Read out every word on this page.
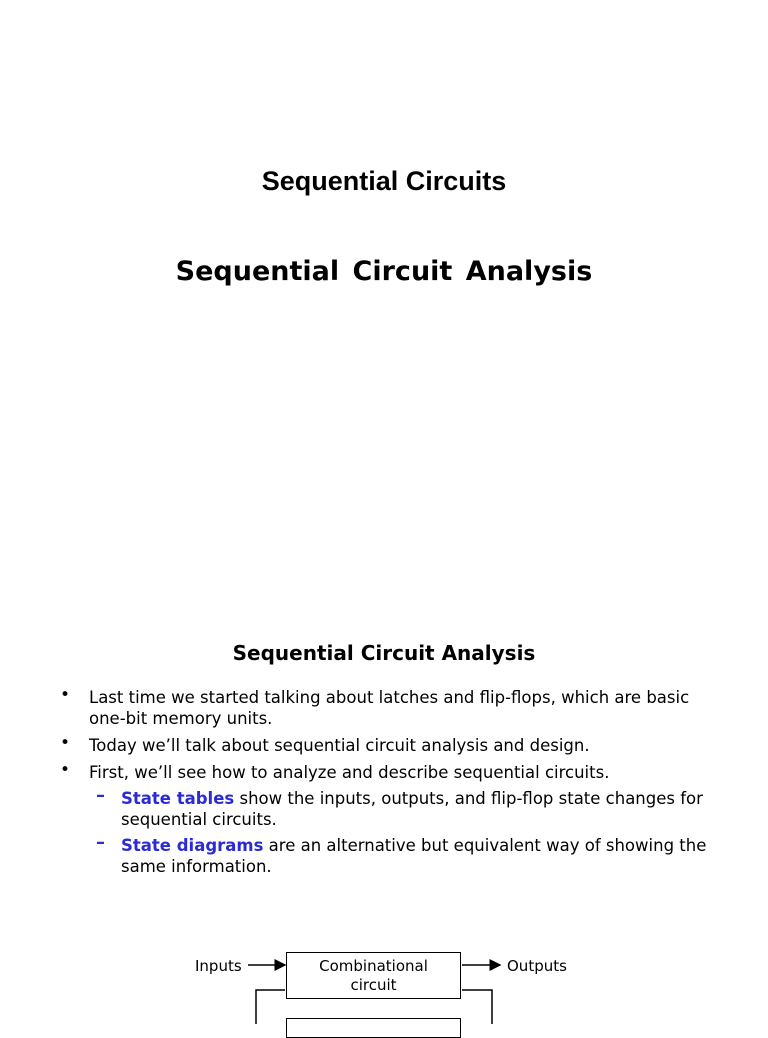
Sequential Circuits
Sequential Circuit Analysis
Sequential Circuit Analysis
• Last time we started talking about latches and flip-flops, which are basic one-bit memory units.
• Today we’ll talk about sequential circuit analysis and design.
• First, we’ll see how to analyze and describe sequential circuits.
– State tables show the inputs, outputs, and flip-flop state changes for sequential circuits.
– State diagrams are an alternative but equivalent way of showing the same information.
Inputs	Combinational
circuit
Outputs
